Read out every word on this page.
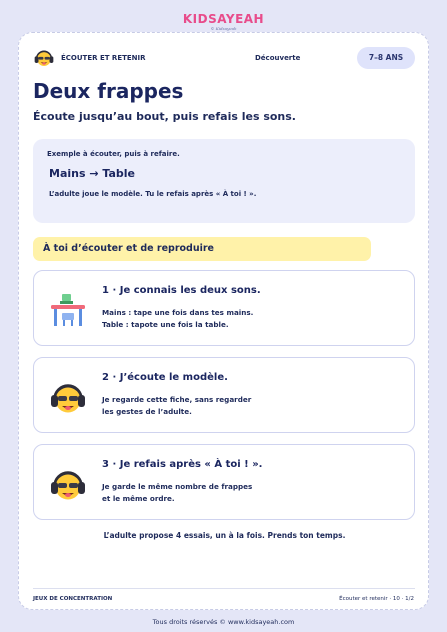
KIDSAYEAH
© Kidsayeah
ÉCOUTER ET RETENIR	Découverte	7–8 ANS
Deux frappes
Écoute jusqu’au bout, puis refais les sons.
Exemple à écouter, puis à refaire.
Mains → Table
L’adulte joue le modèle. Tu le refais après « À toi ! ».
À toi d’écouter et de reproduire
1 · Je connais les deux sons.
Mains : tape une fois dans tes mains.
Table : tapote une fois la table.
2 · J’écoute le modèle.
Je regarde cette fiche, sans regarder
les gestes de l’adulte.
3 · Je refais après « À toi ! ».
Je garde le même nombre de frappes
et le même ordre.
L’adulte propose 4 essais, un à la fois. Prends ton temps.
JEUX DE CONCENTRATION	Écouter et retenir · 10 · 1/2
Tous droits réservés © www.kidsayeah.com
